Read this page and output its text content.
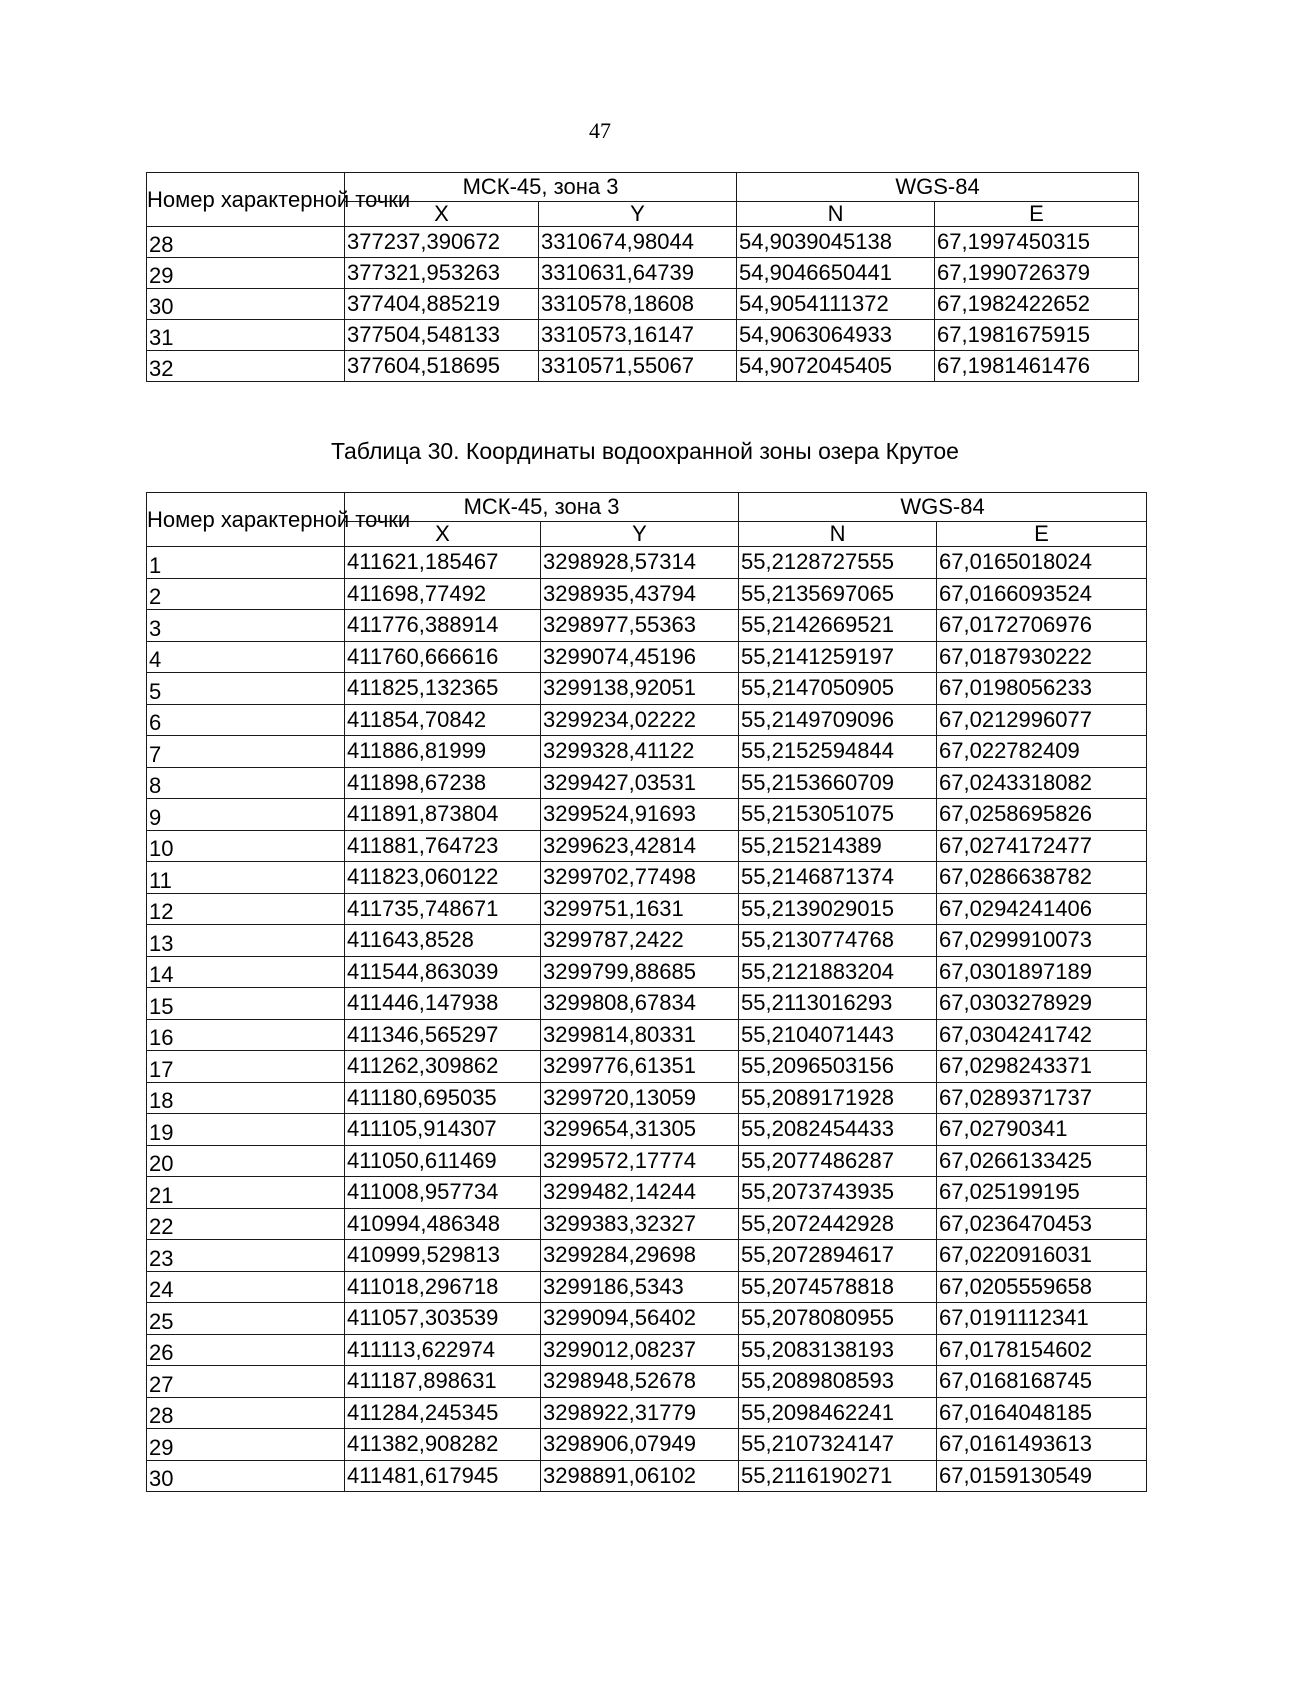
47
Номер характерной точки	МСК-45, зона 3		WGS-84	
	X	Y	N	E
28	377237,390672	3310674,98044	54,9039045138	67,1997450315
29	377321,953263	3310631,64739	54,9046650441	67,1990726379
30	377404,885219	3310578,18608	54,9054111372	67,1982422652
31	377504,548133	3310573,16147	54,9063064933	67,1981675915
32	377604,518695	3310571,55067	54,9072045405	67,1981461476
Таблица 30. Координаты водоохранной зоны озера Крутое
Номер характерной точки	МСК-45, зона 3		WGS-84	
	X	Y	N	E
1	411621,185467	3298928,57314	55,2128727555	67,0165018024
2	411698,77492	3298935,43794	55,2135697065	67,0166093524
3	411776,388914	3298977,55363	55,2142669521	67,0172706976
4	411760,666616	3299074,45196	55,2141259197	67,0187930222
5	411825,132365	3299138,92051	55,2147050905	67,0198056233
6	411854,70842	3299234,02222	55,2149709096	67,0212996077
7	411886,81999	3299328,41122	55,2152594844	67,022782409
8	411898,67238	3299427,03531	55,2153660709	67,0243318082
9	411891,873804	3299524,91693	55,2153051075	67,0258695826
10	411881,764723	3299623,42814	55,215214389	67,0274172477
11	411823,060122	3299702,77498	55,2146871374	67,0286638782
12	411735,748671	3299751,1631	55,2139029015	67,0294241406
13	411643,8528	3299787,2422	55,2130774768	67,0299910073
14	411544,863039	3299799,88685	55,2121883204	67,0301897189
15	411446,147938	3299808,67834	55,2113016293	67,0303278929
16	411346,565297	3299814,80331	55,2104071443	67,0304241742
17	411262,309862	3299776,61351	55,2096503156	67,0298243371
18	411180,695035	3299720,13059	55,2089171928	67,0289371737
19	411105,914307	3299654,31305	55,2082454433	67,02790341
20	411050,611469	3299572,17774	55,2077486287	67,0266133425
21	411008,957734	3299482,14244	55,2073743935	67,025199195
22	410994,486348	3299383,32327	55,2072442928	67,0236470453
23	410999,529813	3299284,29698	55,2072894617	67,0220916031
24	411018,296718	3299186,5343	55,2074578818	67,0205559658
25	411057,303539	3299094,56402	55,2078080955	67,0191112341
26	411113,622974	3299012,08237	55,2083138193	67,0178154602
27	411187,898631	3298948,52678	55,2089808593	67,0168168745
28	411284,245345	3298922,31779	55,2098462241	67,0164048185
29	411382,908282	3298906,07949	55,2107324147	67,0161493613
30	411481,617945	3298891,06102	55,2116190271	67,0159130549
